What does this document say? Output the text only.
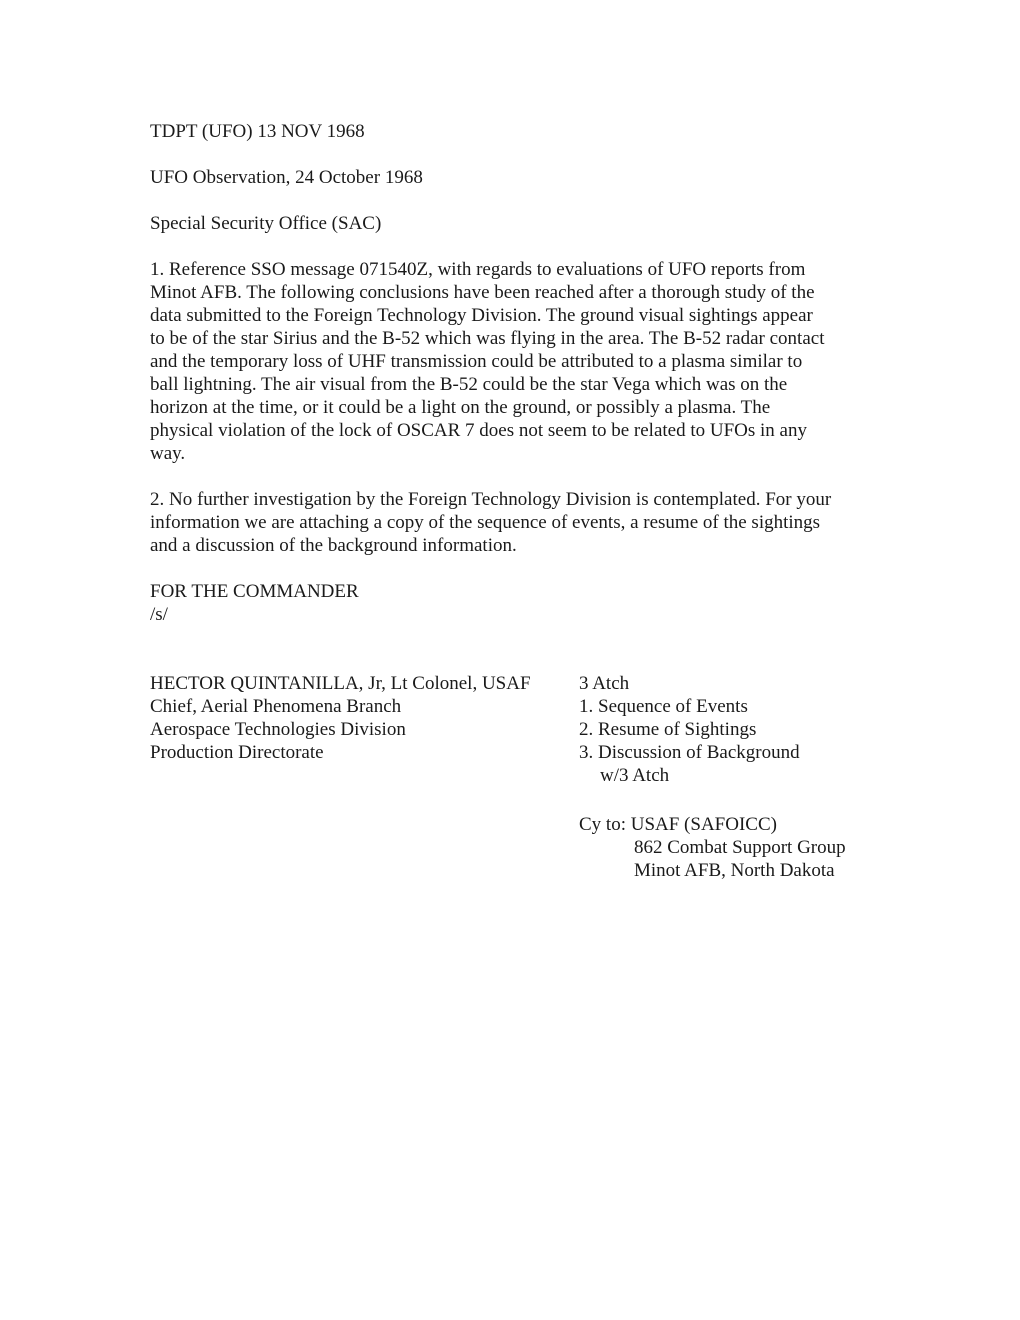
TDPT (UFO) 13 NOV 1968
UFO Observation, 24 October 1968
Special Security Office (SAC)
1. Reference SSO message 071540Z, with regards to evaluations of UFO reports from
Minot AFB. The following conclusions have been reached after a thorough study of the
data submitted to the Foreign Technology Division. The ground visual sightings appear
to be of the star Sirius and the B-52 which was flying in the area. The B-52 radar contact
and the temporary loss of UHF transmission could be attributed to a plasma similar to
ball lightning. The air visual from the B-52 could be the star Vega which was on the
horizon at the time, or it could be a light on the ground, or possibly a plasma. The
physical violation of the lock of OSCAR 7 does not seem to be related to UFOs in any
way.
2. No further investigation by the Foreign Technology Division is contemplated. For your
information we are attaching a copy of the sequence of events, a resume of the sightings
and a discussion of the background information.
FOR THE COMMANDER
/s/
HECTOR QUINTANILLA, Jr, Lt Colonel, USAF
Chief, Aerial Phenomena Branch
Aerospace Technologies Division
Production Directorate
3 Atch
1. Sequence of Events
2. Resume of Sightings
3. Discussion of Background
w/3 Atch
Cy to: USAF (SAFOICC)
862 Combat Support Group
Minot AFB, North Dakota
